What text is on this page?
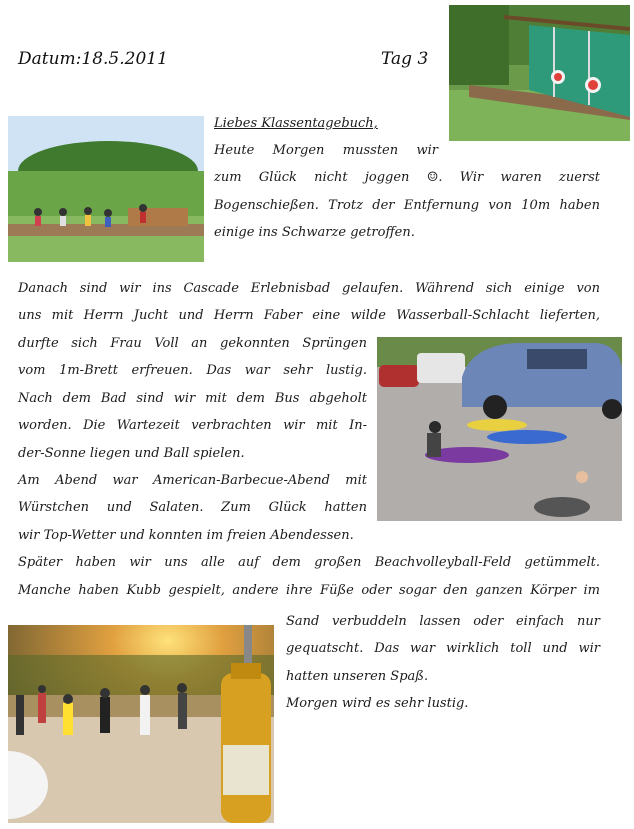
Datum:18.5.2011	Tag 3
Liebes Klassentagebuch,
Heute Morgen mussten wir
zum Glück nicht joggen ☺. Wir waren zuerst
Bogenschießen. Trotz der Entfernung von 10m haben
einige ins Schwarze getroffen.
Danach sind wir ins Cascade Erlebnisbad gelaufen. Während sich einige von
uns mit Herrn Jucht und Herrn Faber eine wilde Wasserball-Schlacht lieferten,
durfte sich Frau Voll an gekonnten Sprüngen
vom 1m-Brett erfreuen. Das war sehr lustig.
Nach dem Bad sind wir mit dem Bus abgeholt
worden. Die Wartezeit verbrachten wir mit In-
der-Sonne liegen und Ball spielen.
Am Abend war American-Barbecue-Abend mit
Würstchen und Salaten. Zum Glück hatten
wir Top-Wetter und konnten im freien Abendessen.
Später haben wir uns alle auf dem großen Beachvolleyball-Feld getümmelt.
Manche haben Kubb gespielt, andere ihre Füße oder sogar den ganzen Körper im
Sand verbuddeln lassen oder einfach nur
gequatscht. Das war wirklich toll und wir
hatten unseren Spaß.
Morgen wird es sehr lustig.
